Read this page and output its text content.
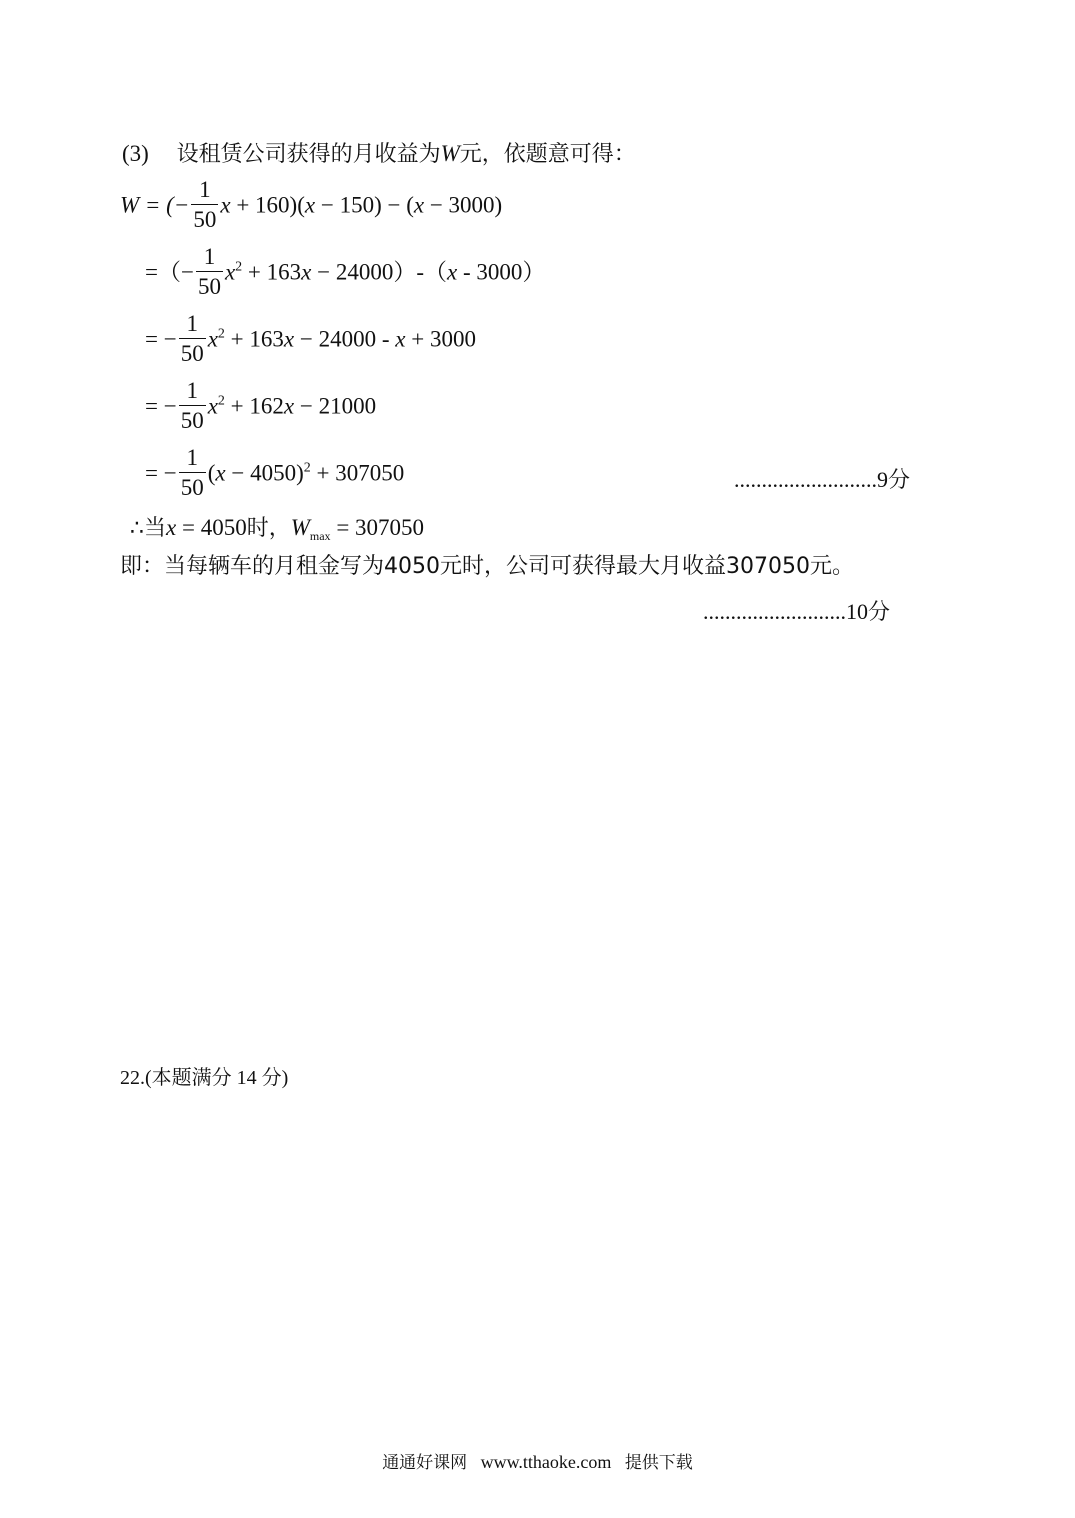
(3) 设租赁公司获得的月收益为W元，依题意可得：
W = (− $\frac{1}{50}$ x + 160)(x − 150) − (x − 3000)
=（− $\frac{1}{50} x^2 + 163x - 24000)-(x - 3000)$
= − $\frac{1}{50} x^2 + 163x - 24000 - x + 3000$
= − $\frac{1}{50} x^2 + 162x - 21000$
= − $\frac{1}{50} (x - 4050)^2 + 307050$	..........................9分
∴当x = 4050时，$W_{max} = 307050$
即：当每辆车的月租金写为4050元时，公司可获得最大月收益307050元。
..........................10分
22.(本题满分 14 分)
通通好课网 www.tthaoke.com 提供下载
